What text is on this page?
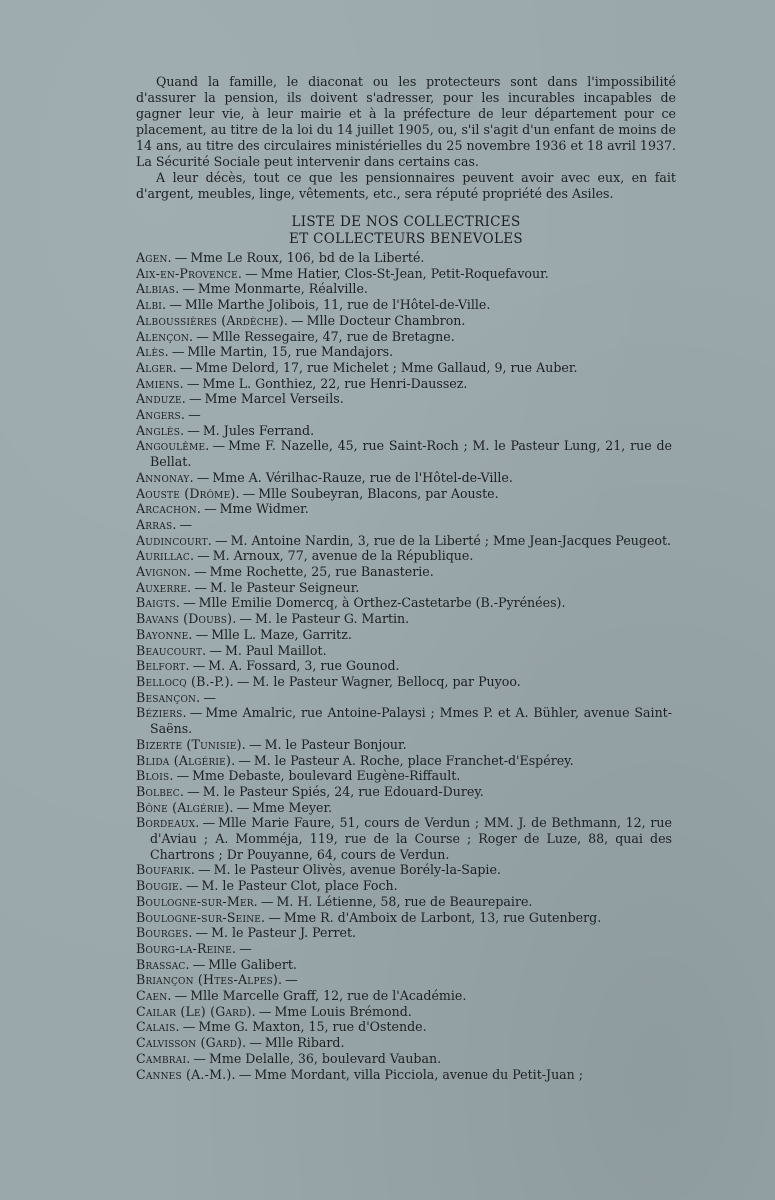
Quand la famille, le diaconat ou les protecteurs sont dans l'impossibilité d'assurer la pension, ils doivent s'adresser, pour les incurables incapables de gagner leur vie, à leur mairie et à la préfecture de leur département pour ce placement, au titre de la loi du 14 juillet 1905, ou, s'il s'agit d'un enfant de moins de 14 ans, au titre des circulaires ministérielles du 25 novembre 1936 et 18 avril 1937. La Sécurité Sociale peut intervenir dans certains cas.

A leur décès, tout ce que les pensionnaires peuvent avoir avec eux, en fait d'argent, meubles, linge, vêtements, etc., sera réputé propriété des Asiles.

LISTE DE NOS COLLECTRICES
ET COLLECTEURS BENEVOLES

Agen. — Mme Le Roux, 106, bd de la Liberté.

Aix-en-Provence. — Mme Hatier, Clos-St-Jean, Petit-Roquefavour.

Albias. — Mme Monmarte, Réalville.

Albi. — Mlle Marthe Jolibois, 11, rue de l'Hôtel-de-Ville.

Alboussières (Ardèche). — Mlle Docteur Chambron.

Alençon. — Mlle Ressegaire, 47, rue de Bretagne.

Alès. — Mlle Martin, 15, rue Mandajors.

Alger. — Mme Delord, 17, rue Michelet ; Mme Gallaud, 9, rue Auber.

Amiens. — Mme L. Gonthiez, 22, rue Henri-Daussez.

Anduze. — Mme Marcel Verseils.

Angers. —

Anglès. — M. Jules Ferrand.

Angoulême. — Mme F. Nazelle, 45, rue Saint-Roch ; M. le Pasteur Lung, 21, rue de Bellat.

Annonay. — Mme A. Vérilhac-Rauze, rue de l'Hôtel-de-Ville.

Aouste (Drôme). — Mlle Soubeyran, Blacons, par Aouste.

Arcachon. — Mme Widmer.

Arras. —

Audincourt. — M. Antoine Nardin, 3, rue de la Liberté ; Mme Jean-Jacques Peugeot.

Aurillac. — M. Arnoux, 77, avenue de la République.

Avignon. — Mme Rochette, 25, rue Banasterie.

Auxerre. — M. le Pasteur Seigneur.

Baigts. — Mlle Emilie Domercq, à Orthez-Castetarbe (B.-Pyrénées).

Bavans (Doubs). — M. le Pasteur G. Martin.

Bayonne. — Mlle L. Maze, Garritz.

Beaucourt. — M. Paul Maillot.

Belfort. — M. A. Fossard, 3, rue Gounod.

Bellocq (B.-P.). — M. le Pasteur Wagner, Bellocq, par Puyoo.

Besançon. —

Béziers. — Mme Amalric, rue Antoine-Palaysi ; Mmes P. et A. Bühler, avenue Saint-Saëns.

Bizerte (Tunisie). — M. le Pasteur Bonjour.

Blida (Algérie). — M. le Pasteur A. Roche, place Franchet-d'Espérey.

Blois. — Mme Debaste, boulevard Eugène-Riffault.

Bolbec. — M. le Pasteur Spiés, 24, rue Edouard-Durey.

Bône (Algérie). — Mme Meyer.

Bordeaux. — Mlle Marie Faure, 51, cours de Verdun ; MM. J. de Bethmann, 12, rue d'Aviau ; A. Momméja, 119, rue de la Course ; Roger de Luze, 88, quai des Chartrons ; Dr Pouyanne, 64, cours de Verdun.

Boufarik. — M. le Pasteur Olivès, avenue Borély-la-Sapie.

Bougie. — M. le Pasteur Clot, place Foch.

Boulogne-sur-Mer. — M. H. Létienne, 58, rue de Beaurepaire.

Boulogne-sur-Seine. — Mme R. d'Amboix de Larbont, 13, rue Gutenberg.

Bourges. — M. le Pasteur J. Perret.

Bourg-la-Reine. —

Brassac. — Mlle Galibert.

Briançon (Htes-Alpes). —

Caen. — Mlle Marcelle Graff, 12, rue de l'Académie.

Cailar (Le) (Gard). — Mme Louis Brémond.

Calais. — Mme G. Maxton, 15, rue d'Ostende.

Calvisson (Gard). — Mlle Ribard.

Cambrai. — Mme Delalle, 36, boulevard Vauban.

Cannes (A.-M.). — Mme Mordant, villa Picciola, avenue du Petit-Juan ;
